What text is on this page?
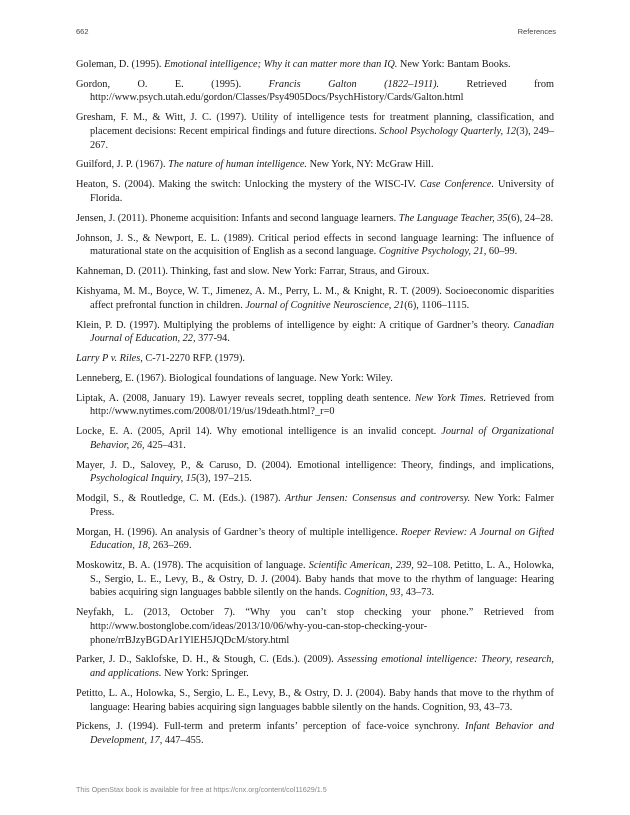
662	References

Goleman, D. (1995). Emotional intelligence; Why it can matter more than IQ. New York: Bantam Books.

Gordon, O. E. (1995). Francis Galton (1822–1911). Retrieved from http://www.psych.utah.edu/gordon/Classes/Psy4905Docs/PsychHistory/Cards/Galton.html

Gresham, F. M., & Witt, J. C. (1997). Utility of intelligence tests for treatment planning, classification, and placement decisions: Recent empirical findings and future directions. School Psychology Quarterly, 12(3), 249–267.

Guilford, J. P. (1967). The nature of human intelligence. New York, NY: McGraw Hill.

Heaton, S. (2004). Making the switch: Unlocking the mystery of the WISC-IV. Case Conference. University of Florida.

Jensen, J. (2011). Phoneme acquisition: Infants and second language learners. The Language Teacher, 35(6), 24–28.

Johnson, J. S., & Newport, E. L. (1989). Critical period effects in second language learning: The influence of maturational state on the acquisition of English as a second language. Cognitive Psychology, 21, 60–99.

Kahneman, D. (2011). Thinking, fast and slow. New York: Farrar, Straus, and Giroux.

Kishyama, M. M., Boyce, W. T., Jimenez, A. M., Perry, L. M., & Knight, R. T. (2009). Socioeconomic disparities affect prefrontal function in children. Journal of Cognitive Neuroscience, 21(6), 1106–1115.

Klein, P. D. (1997). Multiplying the problems of intelligence by eight: A critique of Gardner’s theory. Canadian Journal of Education, 22, 377-94.

Larry P v. Riles, C-71-2270 RFP. (1979).

Lenneberg, E. (1967). Biological foundations of language. New York: Wiley.

Liptak, A. (2008, January 19). Lawyer reveals secret, toppling death sentence. New York Times. Retrieved from http://www.nytimes.com/2008/01/19/us/19death.html?_r=0

Locke, E. A. (2005, April 14). Why emotional intelligence is an invalid concept. Journal of Organizational Behavior, 26, 425–431.

Mayer, J. D., Salovey, P., & Caruso, D. (2004). Emotional intelligence: Theory, findings, and implications, Psychological Inquiry, 15(3), 197–215.

Modgil, S., & Routledge, C. M. (Eds.). (1987). Arthur Jensen: Consensus and controversy. New York: Falmer Press.

Morgan, H. (1996). An analysis of Gardner’s theory of multiple intelligence. Roeper Review: A Journal on Gifted Education, 18, 263–269.

Moskowitz, B. A. (1978). The acquisition of language. Scientific American, 239, 92–108. Petitto, L. A., Holowka, S., Sergio, L. E., Levy, B., & Ostry, D. J. (2004). Baby hands that move to the rhythm of language: Hearing babies acquiring sign languages babble silently on the hands. Cognition, 93, 43–73.

Neyfakh, L. (2013, October 7). “Why you can’t stop checking your phone.” Retrieved from http://www.bostonglobe.com/ideas/2013/10/06/why-you-can-stop-checking-your-phone/rrBJzyBGDAr1YlEH5JQDcM/story.html

Parker, J. D., Saklofske, D. H., & Stough, C. (Eds.). (2009). Assessing emotional intelligence: Theory, research, and applications. New York: Springer.

Petitto, L. A., Holowka, S., Sergio, L. E., Levy, B., & Ostry, D. J. (2004). Baby hands that move to the rhythm of language: Hearing babies acquiring sign languages babble silently on the hands. Cognition, 93, 43–73.

Pickens, J. (1994). Full-term and preterm infants’ perception of face-voice synchrony. Infant Behavior and Development, 17, 447–455.

This OpenStax book is available for free at https://cnx.org/content/col11629/1.5
